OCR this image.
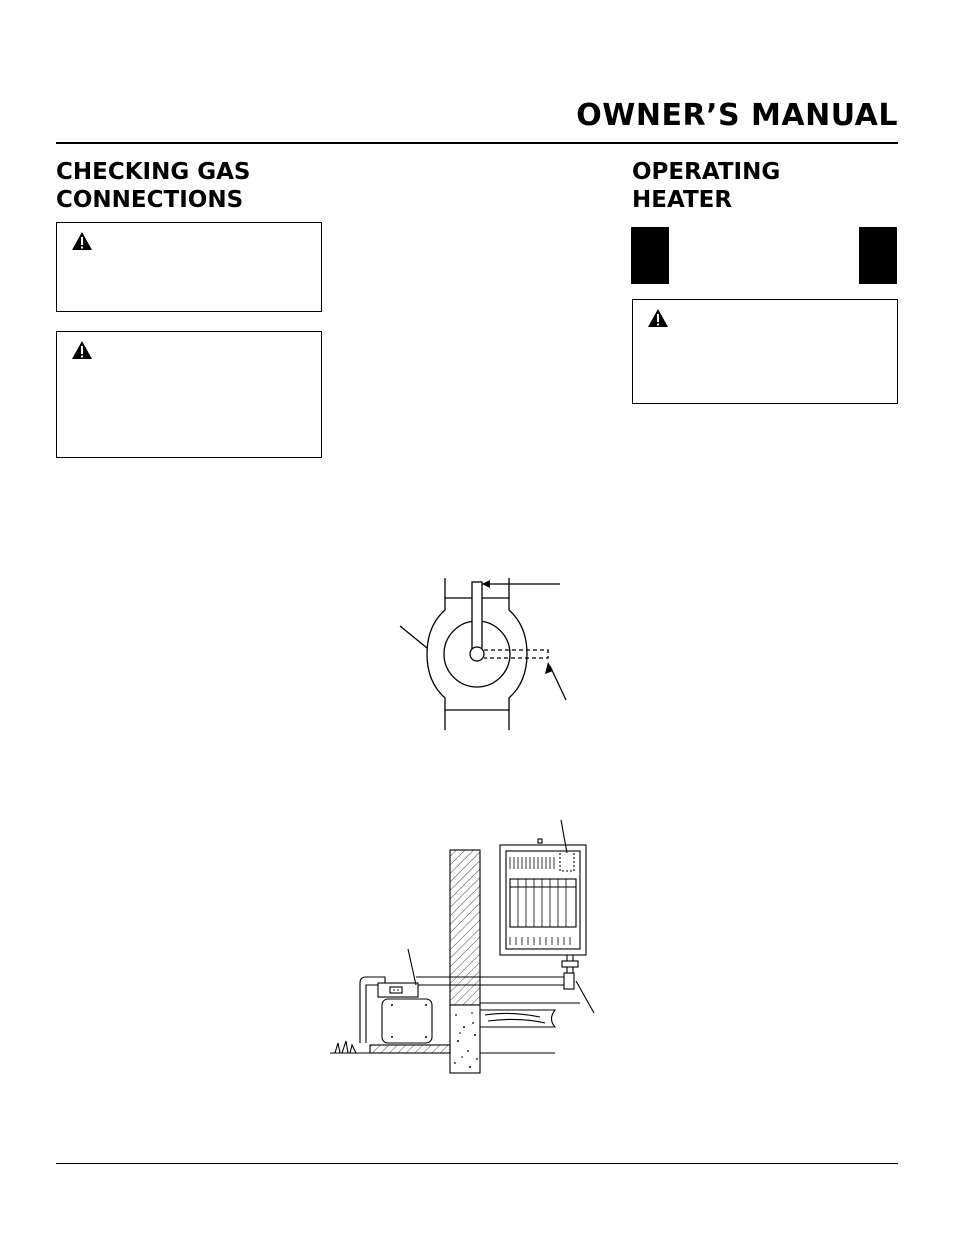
OWNER’S MANUAL

CHECKING GAS

CONNECTIONS

OPERATING

HEATER
